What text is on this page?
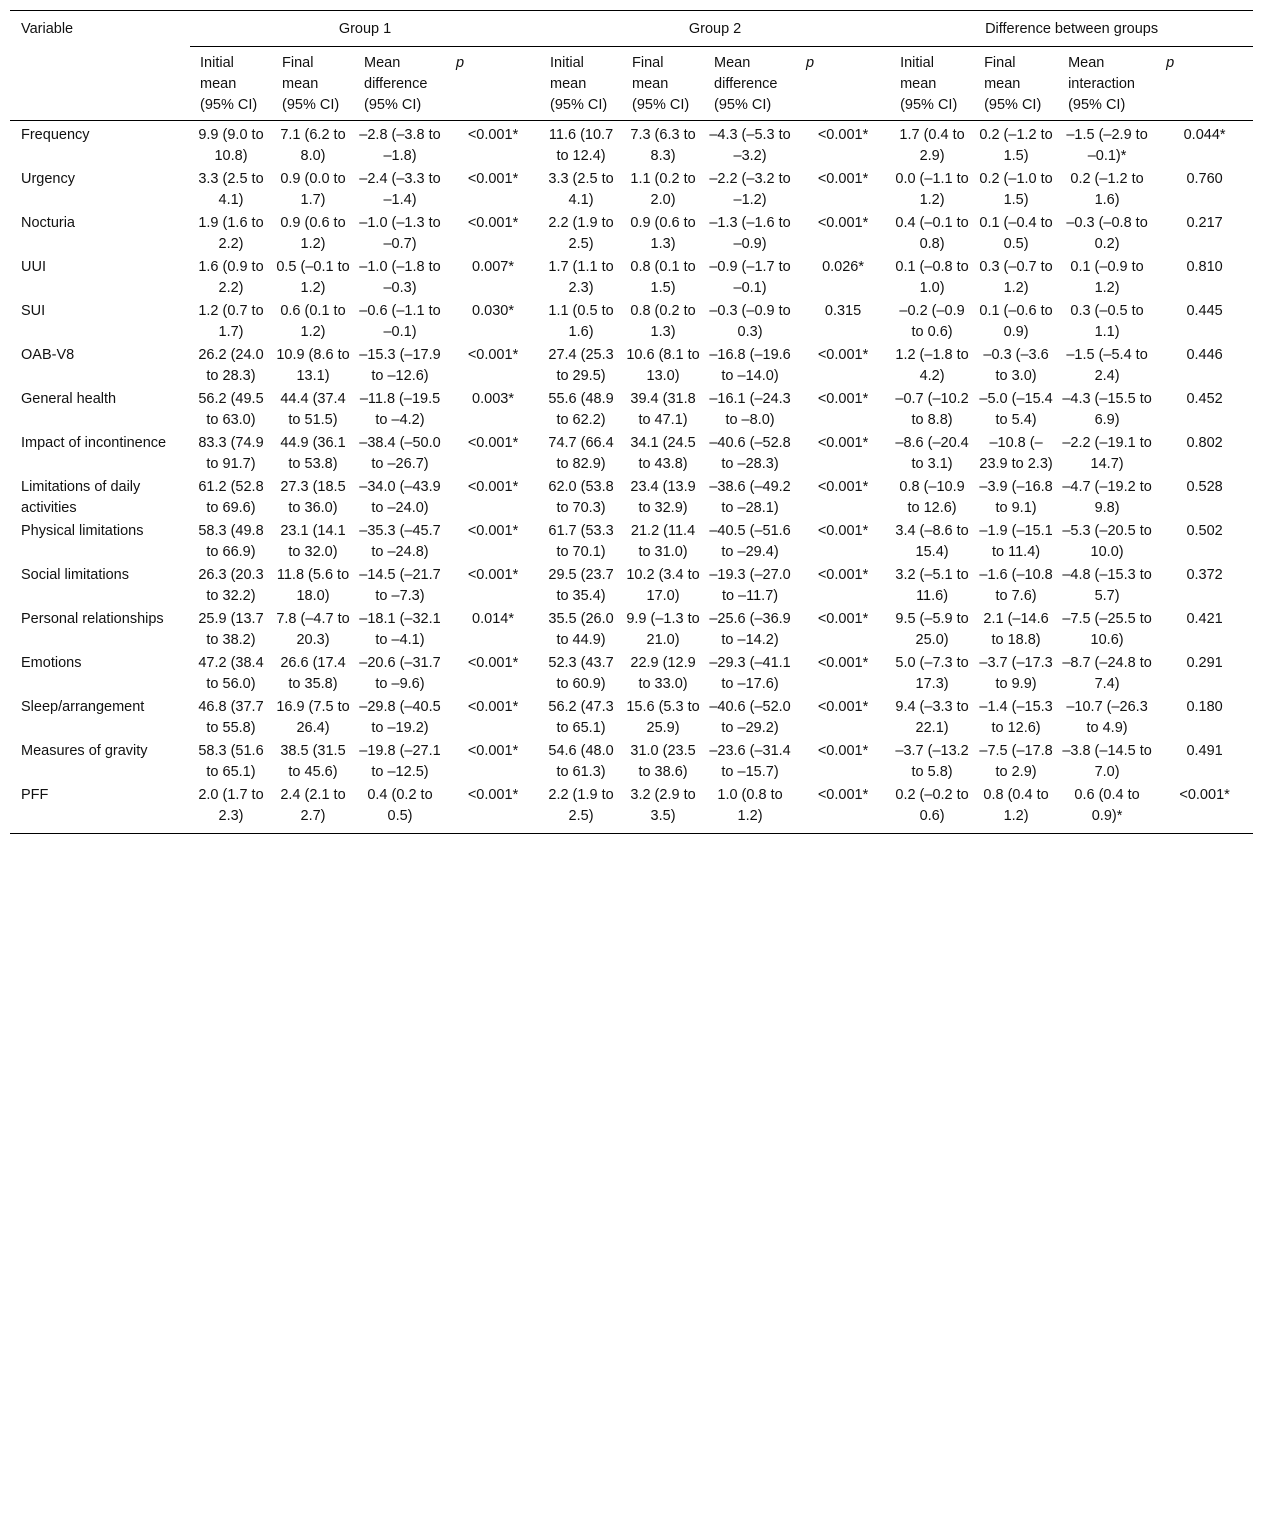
Variable	Group 1				Group 2				Difference between groups			
	Initial mean (95% CI)	Final mean (95% CI)	Mean difference (95% CI)	p	Initial mean (95% CI)	Final mean (95% CI)	Mean difference (95% CI)	p	Initial mean (95% CI)	Final mean (95% CI)	Mean interaction (95% CI)	p
Frequency	9.9 (9.0 to 10.8)	7.1 (6.2 to 8.0)	–2.8 (–3.8 to –1.8)	<0.001*	11.6 (10.7 to 12.4)	7.3 (6.3 to 8.3)	–4.3 (–5.3 to –3.2)	<0.001*	1.7 (0.4 to 2.9)	0.2 (–1.2 to 1.5)	–1.5 (–2.9 to –0.1)*	0.044*
Urgency	3.3 (2.5 to 4.1)	0.9 (0.0 to 1.7)	–2.4 (–3.3 to –1.4)	<0.001*	3.3 (2.5 to 4.1)	1.1 (0.2 to 2.0)	–2.2 (–3.2 to –1.2)	<0.001*	0.0 (–1.1 to 1.2)	0.2 (–1.0 to 1.5)	0.2 (–1.2 to 1.6)	0.760
Nocturia	1.9 (1.6 to 2.2)	0.9 (0.6 to 1.2)	–1.0 (–1.3 to –0.7)	<0.001*	2.2 (1.9 to 2.5)	0.9 (0.6 to 1.3)	–1.3 (–1.6 to –0.9)	<0.001*	0.4 (–0.1 to 0.8)	0.1 (–0.4 to 0.5)	–0.3 (–0.8 to 0.2)	0.217
UUI	1.6 (0.9 to 2.2)	0.5 (–0.1 to 1.2)	–1.0 (–1.8 to –0.3)	0.007*	1.7 (1.1 to 2.3)	0.8 (0.1 to 1.5)	–0.9 (–1.7 to –0.1)	0.026*	0.1 (–0.8 to 1.0)	0.3 (–0.7 to 1.2)	0.1 (–0.9 to 1.2)	0.810
SUI	1.2 (0.7 to 1.7)	0.6 (0.1 to 1.2)	–0.6 (–1.1 to –0.1)	0.030*	1.1 (0.5 to 1.6)	0.8 (0.2 to 1.3)	–0.3 (–0.9 to 0.3)	0.315	–0.2 (–0.9 to 0.6)	0.1 (–0.6 to 0.9)	0.3 (–0.5 to 1.1)	0.445
OAB-V8	26.2 (24.0 to 28.3)	10.9 (8.6 to 13.1)	–15.3 (–17.9 to –12.6)	<0.001*	27.4 (25.3 to 29.5)	10.6 (8.1 to 13.0)	–16.8 (–19.6 to –14.0)	<0.001*	1.2 (–1.8 to 4.2)	–0.3 (–3.6 to 3.0)	–1.5 (–5.4 to 2.4)	0.446
General health	56.2 (49.5 to 63.0)	44.4 (37.4 to 51.5)	–11.8 (–19.5 to –4.2)	0.003*	55.6 (48.9 to 62.2)	39.4 (31.8 to 47.1)	–16.1 (–24.3 to –8.0)	<0.001*	–0.7 (–10.2 to 8.8)	–5.0 (–15.4 to 5.4)	–4.3 (–15.5 to 6.9)	0.452
Impact of incontinence	83.3 (74.9 to 91.7)	44.9 (36.1 to 53.8)	–38.4 (–50.0 to –26.7)	<0.001*	74.7 (66.4 to 82.9)	34.1 (24.5 to 43.8)	–40.6 (–52.8 to –28.3)	<0.001*	–8.6 (–20.4 to 3.1)	–10.8 (–23.9 to 2.3)	–2.2 (–19.1 to 14.7)	0.802
Limitations of daily activities	61.2 (52.8 to 69.6)	27.3 (18.5 to 36.0)	–34.0 (–43.9 to –24.0)	<0.001*	62.0 (53.8 to 70.3)	23.4 (13.9 to 32.9)	–38.6 (–49.2 to –28.1)	<0.001*	0.8 (–10.9 to 12.6)	–3.9 (–16.8 to 9.1)	–4.7 (–19.2 to 9.8)	0.528
Physical limitations	58.3 (49.8 to 66.9)	23.1 (14.1 to 32.0)	–35.3 (–45.7 to –24.8)	<0.001*	61.7 (53.3 to 70.1)	21.2 (11.4 to 31.0)	–40.5 (–51.6 to –29.4)	<0.001*	3.4 (–8.6 to 15.4)	–1.9 (–15.1 to 11.4)	–5.3 (–20.5 to 10.0)	0.502
Social limitations	26.3 (20.3 to 32.2)	11.8 (5.6 to 18.0)	–14.5 (–21.7 to –7.3)	<0.001*	29.5 (23.7 to 35.4)	10.2 (3.4 to 17.0)	–19.3 (–27.0 to –11.7)	<0.001*	3.2 (–5.1 to 11.6)	–1.6 (–10.8 to 7.6)	–4.8 (–15.3 to 5.7)	0.372
Personal relationships	25.9 (13.7 to 38.2)	7.8 (–4.7 to 20.3)	–18.1 (–32.1 to –4.1)	0.014*	35.5 (26.0 to 44.9)	9.9 (–1.3 to 21.0)	–25.6 (–36.9 to –14.2)	<0.001*	9.5 (–5.9 to 25.0)	2.1 (–14.6 to 18.8)	–7.5 (–25.5 to 10.6)	0.421
Emotions	47.2 (38.4 to 56.0)	26.6 (17.4 to 35.8)	–20.6 (–31.7 to –9.6)	<0.001*	52.3 (43.7 to 60.9)	22.9 (12.9 to 33.0)	–29.3 (–41.1 to –17.6)	<0.001*	5.0 (–7.3 to 17.3)	–3.7 (–17.3 to 9.9)	–8.7 (–24.8 to 7.4)	0.291
Sleep/arrangement	46.8 (37.7 to 55.8)	16.9 (7.5 to 26.4)	–29.8 (–40.5 to –19.2)	<0.001*	56.2 (47.3 to 65.1)	15.6 (5.3 to 25.9)	–40.6 (–52.0 to –29.2)	<0.001*	9.4 (–3.3 to 22.1)	–1.4 (–15.3 to 12.6)	–10.7 (–26.3 to 4.9)	0.180
Measures of gravity	58.3 (51.6 to 65.1)	38.5 (31.5 to 45.6)	–19.8 (–27.1 to –12.5)	<0.001*	54.6 (48.0 to 61.3)	31.0 (23.5 to 38.6)	–23.6 (–31.4 to –15.7)	<0.001*	–3.7 (–13.2 to 5.8)	–7.5 (–17.8 to 2.9)	–3.8 (–14.5 to 7.0)	0.491
PFF	2.0 (1.7 to 2.3)	2.4 (2.1 to 2.7)	0.4 (0.2 to 0.5)	<0.001*	2.2 (1.9 to 2.5)	3.2 (2.9 to 3.5)	1.0 (0.8 to 1.2)	<0.001*	0.2 (–0.2 to 0.6)	0.8 (0.4 to 1.2)	0.6 (0.4 to 0.9)*	<0.001*
